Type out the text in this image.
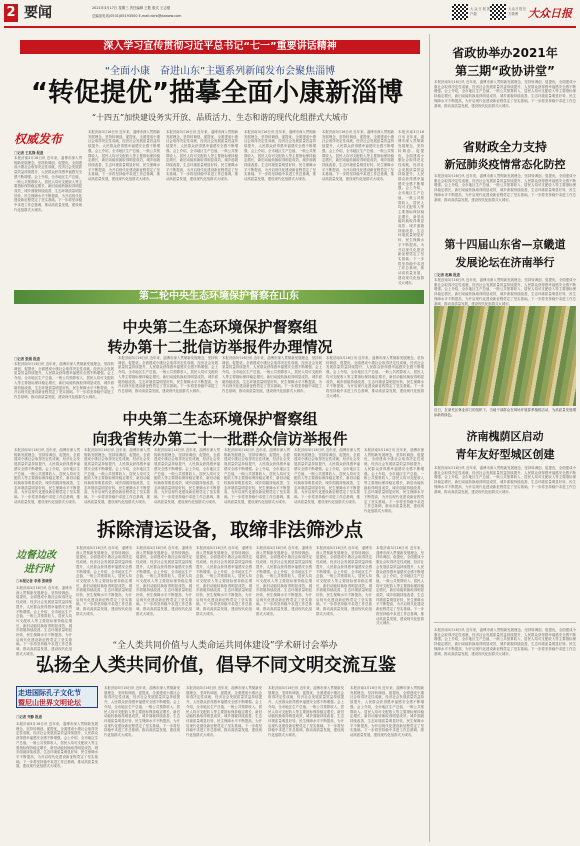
2 要闻	2021年3月17日 星期三 责任编辑 王胜 版式 王志强
总编室电话(0531)85193500 E-mail:dzrb@dzwww.com
大众日报客户端
大众日报官方微博 大众日报
深入学习宣传贯彻习近平总书记“七一”重要讲话精神
“全面小康　奋进山东”主题系列新闻发布会聚焦淄博
“转促提优”描摹全面小康新淄博
“十四五”加快建设务实开放、品质活力、生态和谐的现代化组群式大城市
权威发布
□记者 王兆锋 报道
本报济南3月16日讯 近年来，淄博市深入贯彻新发展理念，坚持转调创、促提优，全面建成小康社会取得决定性成就，经济社会发展质量效益持续提升，人民群众获得感幸福感安全感不断增强。会上介绍，全市地区生产总值、一般公共预算收入、居民人均可支配收入等主要指标保持稳定增长，新旧动能转换取得明显成效，城乡面貌持续改善，生态环境质量明显好转，民生保障水平不断提高，为开启现代化建设新征程奠定了坚实基础。下一步将坚持稳中求进工作总基调，推动高质量发展，建设现代化组群式大城市。
本报济南3月16日讯 近年来，淄博市深入贯彻新发展理念，坚持转调创、促提优，全面建成小康社会取得决定性成就，经济社会发展质量效益持续提升，人民群众获得感幸福感安全感不断增强。会上介绍，全市地区生产总值、一般公共预算收入、居民人均可支配收入等主要指标保持稳定增长，新旧动能转换取得明显成效，城乡面貌持续改善，生态环境质量明显好转，民生保障水平不断提高，为开启现代化建设新征程奠定了坚实基础。下一步将坚持稳中求进工作总基调，推动高质量发展，建设现代化组群式大城市。
本报济南3月16日讯 近年来，淄博市深入贯彻新发展理念，坚持转调创、促提优，全面建成小康社会取得决定性成就，经济社会发展质量效益持续提升，人民群众获得感幸福感安全感不断增强。会上介绍，全市地区生产总值、一般公共预算收入、居民人均可支配收入等主要指标保持稳定增长，新旧动能转换取得明显成效，城乡面貌持续改善，生态环境质量明显好转，民生保障水平不断提高，为开启现代化建设新征程奠定了坚实基础。下一步将坚持稳中求进工作总基调，推动高质量发展，建设现代化组群式大城市。
本报济南3月16日讯 近年来，淄博市深入贯彻新发展理念，坚持转调创、促提优，全面建成小康社会取得决定性成就，经济社会发展质量效益持续提升，人民群众获得感幸福感安全感不断增强。会上介绍，全市地区生产总值、一般公共预算收入、居民人均可支配收入等主要指标保持稳定增长，新旧动能转换取得明显成效，城乡面貌持续改善，生态环境质量明显好转，民生保障水平不断提高，为开启现代化建设新征程奠定了坚实基础。下一步将坚持稳中求进工作总基调，推动高质量发展，建设现代化组群式大城市。
本报济南3月16日讯 近年来，淄博市深入贯彻新发展理念，坚持转调创、促提优，全面建成小康社会取得决定性成就，经济社会发展质量效益持续提升，人民群众获得感幸福感安全感不断增强。会上介绍，全市地区生产总值、一般公共预算收入、居民人均可支配收入等主要指标保持稳定增长，新旧动能转换取得明显成效，城乡面貌持续改善，生态环境质量明显好转，民生保障水平不断提高，为开启现代化建设新征程奠定了坚实基础。下一步将坚持稳中求进工作总基调，推动高质量发展，建设现代化组群式大城市。
本报济南3月16日讯 近年来，淄博市深入贯彻新发展理念，坚持转调创、促提优，全面建成小康社会取得决定性成就，经济社会发展质量效益持续提升，人民群众获得感幸福感安全感不断增强。会上介绍，全市地区生产总值、一般公共预算收入、居民人均可支配收入等主要指标保持稳定增长，新旧动能转换取得明显成效，城乡面貌持续改善，生态环境质量明显好转，民生保障水平不断提高，为开启现代化建设新征程奠定了坚实基础。下一步将坚持稳中求进工作总基调，推动高质量发展，建设现代化组群式大城市。
第二轮中央生态环境保护督察在山东
中央第二生态环境保护督察组
转办第十二批信访举报件办理情况
□记者 张娟 报道
本报济南3月16日讯 近年来，淄博市深入贯彻新发展理念，坚持转调创、促提优，全面建成小康社会取得决定性成就，经济社会发展质量效益持续提升，人民群众获得感幸福感安全感不断增强。会上介绍，全市地区生产总值、一般公共预算收入、居民人均可支配收入等主要指标保持稳定增长，新旧动能转换取得明显成效，城乡面貌持续改善，生态环境质量明显好转，民生保障水平不断提高，为开启现代化建设新征程奠定了坚实基础。下一步将坚持稳中求进工作总基调，推动高质量发展，建设现代化组群式大城市。
本报济南3月16日讯 近年来，淄博市深入贯彻新发展理念，坚持转调创、促提优，全面建成小康社会取得决定性成就，经济社会发展质量效益持续提升，人民群众获得感幸福感安全感不断增强。会上介绍，全市地区生产总值、一般公共预算收入、居民人均可支配收入等主要指标保持稳定增长，新旧动能转换取得明显成效，城乡面貌持续改善，生态环境质量明显好转，民生保障水平不断提高，为开启现代化建设新征程奠定了坚实基础。下一步将坚持稳中求进工作总基调，推动高质量发展，建设现代化组群式大城市。
本报济南3月16日讯 近年来，淄博市深入贯彻新发展理念，坚持转调创、促提优，全面建成小康社会取得决定性成就，经济社会发展质量效益持续提升，人民群众获得感幸福感安全感不断增强。会上介绍，全市地区生产总值、一般公共预算收入、居民人均可支配收入等主要指标保持稳定增长，新旧动能转换取得明显成效，城乡面貌持续改善，生态环境质量明显好转，民生保障水平不断提高，为开启现代化建设新征程奠定了坚实基础。下一步将坚持稳中求进工作总基调，推动高质量发展，建设现代化组群式大城市。
本报济南3月16日讯 近年来，淄博市深入贯彻新发展理念，坚持转调创、促提优，全面建成小康社会取得决定性成就，经济社会发展质量效益持续提升，人民群众获得感幸福感安全感不断增强。会上介绍，全市地区生产总值、一般公共预算收入、居民人均可支配收入等主要指标保持稳定增长，新旧动能转换取得明显成效，城乡面貌持续改善，生态环境质量明显好转，民生保障水平不断提高，为开启现代化建设新征程奠定了坚实基础。下一步将坚持稳中求进工作总基调，推动高质量发展，建设现代化组群式大城市。
中央第二生态环境保护督察组
向我省转办第二十一批群众信访举报件
本报济南3月16日讯 近年来，淄博市深入贯彻新发展理念，坚持转调创、促提优，全面建成小康社会取得决定性成就，经济社会发展质量效益持续提升，人民群众获得感幸福感安全感不断增强。会上介绍，全市地区生产总值、一般公共预算收入、居民人均可支配收入等主要指标保持稳定增长，新旧动能转换取得明显成效，城乡面貌持续改善，生态环境质量明显好转，民生保障水平不断提高，为开启现代化建设新征程奠定了坚实基础。下一步将坚持稳中求进工作总基调，推动高质量发展，建设现代化组群式大城市。
本报济南3月16日讯 近年来，淄博市深入贯彻新发展理念，坚持转调创、促提优，全面建成小康社会取得决定性成就，经济社会发展质量效益持续提升，人民群众获得感幸福感安全感不断增强。会上介绍，全市地区生产总值、一般公共预算收入、居民人均可支配收入等主要指标保持稳定增长，新旧动能转换取得明显成效，城乡面貌持续改善，生态环境质量明显好转，民生保障水平不断提高，为开启现代化建设新征程奠定了坚实基础。下一步将坚持稳中求进工作总基调，推动高质量发展，建设现代化组群式大城市。
本报济南3月16日讯 近年来，淄博市深入贯彻新发展理念，坚持转调创、促提优，全面建成小康社会取得决定性成就，经济社会发展质量效益持续提升，人民群众获得感幸福感安全感不断增强。会上介绍，全市地区生产总值、一般公共预算收入、居民人均可支配收入等主要指标保持稳定增长，新旧动能转换取得明显成效，城乡面貌持续改善，生态环境质量明显好转，民生保障水平不断提高，为开启现代化建设新征程奠定了坚实基础。下一步将坚持稳中求进工作总基调，推动高质量发展，建设现代化组群式大城市。
本报济南3月16日讯 近年来，淄博市深入贯彻新发展理念，坚持转调创、促提优，全面建成小康社会取得决定性成就，经济社会发展质量效益持续提升，人民群众获得感幸福感安全感不断增强。会上介绍，全市地区生产总值、一般公共预算收入、居民人均可支配收入等主要指标保持稳定增长，新旧动能转换取得明显成效，城乡面貌持续改善，生态环境质量明显好转，民生保障水平不断提高，为开启现代化建设新征程奠定了坚实基础。下一步将坚持稳中求进工作总基调，推动高质量发展，建设现代化组群式大城市。
本报济南3月16日讯 近年来，淄博市深入贯彻新发展理念，坚持转调创、促提优，全面建成小康社会取得决定性成就，经济社会发展质量效益持续提升，人民群众获得感幸福感安全感不断增强。会上介绍，全市地区生产总值、一般公共预算收入、居民人均可支配收入等主要指标保持稳定增长，新旧动能转换取得明显成效，城乡面貌持续改善，生态环境质量明显好转，民生保障水平不断提高，为开启现代化建设新征程奠定了坚实基础。下一步将坚持稳中求进工作总基调，推动高质量发展，建设现代化组群式大城市。
本报济南3月16日讯 近年来，淄博市深入贯彻新发展理念，坚持转调创、促提优，全面建成小康社会取得决定性成就，经济社会发展质量效益持续提升，人民群众获得感幸福感安全感不断增强。会上介绍，全市地区生产总值、一般公共预算收入、居民人均可支配收入等主要指标保持稳定增长，新旧动能转换取得明显成效，城乡面貌持续改善，生态环境质量明显好转，民生保障水平不断提高，为开启现代化建设新征程奠定了坚实基础。下一步将坚持稳中求进工作总基调，推动高质量发展，建设现代化组群式大城市。
拆除清运设备，取缔非法筛沙点
边督边改
进行时
□本报记者 李勇 张晓彤
本报济南3月16日讯 近年来，淄博市深入贯彻新发展理念，坚持转调创、促提优，全面建成小康社会取得决定性成就，经济社会发展质量效益持续提升，人民群众获得感幸福感安全感不断增强。会上介绍，全市地区生产总值、一般公共预算收入、居民人均可支配收入等主要指标保持稳定增长，新旧动能转换取得明显成效，城乡面貌持续改善，生态环境质量明显好转，民生保障水平不断提高，为开启现代化建设新征程奠定了坚实基础。下一步将坚持稳中求进工作总基调，推动高质量发展，建设现代化组群式大城市。
本报济南3月16日讯 近年来，淄博市深入贯彻新发展理念，坚持转调创、促提优，全面建成小康社会取得决定性成就，经济社会发展质量效益持续提升，人民群众获得感幸福感安全感不断增强。会上介绍，全市地区生产总值、一般公共预算收入、居民人均可支配收入等主要指标保持稳定增长，新旧动能转换取得明显成效，城乡面貌持续改善，生态环境质量明显好转，民生保障水平不断提高，为开启现代化建设新征程奠定了坚实基础。下一步将坚持稳中求进工作总基调，推动高质量发展，建设现代化组群式大城市。
本报济南3月16日讯 近年来，淄博市深入贯彻新发展理念，坚持转调创、促提优，全面建成小康社会取得决定性成就，经济社会发展质量效益持续提升，人民群众获得感幸福感安全感不断增强。会上介绍，全市地区生产总值、一般公共预算收入、居民人均可支配收入等主要指标保持稳定增长，新旧动能转换取得明显成效，城乡面貌持续改善，生态环境质量明显好转，民生保障水平不断提高，为开启现代化建设新征程奠定了坚实基础。下一步将坚持稳中求进工作总基调，推动高质量发展，建设现代化组群式大城市。
本报济南3月16日讯 近年来，淄博市深入贯彻新发展理念，坚持转调创、促提优，全面建成小康社会取得决定性成就，经济社会发展质量效益持续提升，人民群众获得感幸福感安全感不断增强。会上介绍，全市地区生产总值、一般公共预算收入、居民人均可支配收入等主要指标保持稳定增长，新旧动能转换取得明显成效，城乡面貌持续改善，生态环境质量明显好转，民生保障水平不断提高，为开启现代化建设新征程奠定了坚实基础。下一步将坚持稳中求进工作总基调，推动高质量发展，建设现代化组群式大城市。
本报济南3月16日讯 近年来，淄博市深入贯彻新发展理念，坚持转调创、促提优，全面建成小康社会取得决定性成就，经济社会发展质量效益持续提升，人民群众获得感幸福感安全感不断增强。会上介绍，全市地区生产总值、一般公共预算收入、居民人均可支配收入等主要指标保持稳定增长，新旧动能转换取得明显成效，城乡面貌持续改善，生态环境质量明显好转，民生保障水平不断提高，为开启现代化建设新征程奠定了坚实基础。下一步将坚持稳中求进工作总基调，推动高质量发展，建设现代化组群式大城市。
本报济南3月16日讯 近年来，淄博市深入贯彻新发展理念，坚持转调创、促提优，全面建成小康社会取得决定性成就，经济社会发展质量效益持续提升，人民群众获得感幸福感安全感不断增强。会上介绍，全市地区生产总值、一般公共预算收入、居民人均可支配收入等主要指标保持稳定增长，新旧动能转换取得明显成效，城乡面貌持续改善，生态环境质量明显好转，民生保障水平不断提高，为开启现代化建设新征程奠定了坚实基础。下一步将坚持稳中求进工作总基调，推动高质量发展，建设现代化组群式大城市。
本报济南3月16日讯 近年来，淄博市深入贯彻新发展理念，坚持转调创、促提优，全面建成小康社会取得决定性成就，经济社会发展质量效益持续提升，人民群众获得感幸福感安全感不断增强。会上介绍，全市地区生产总值、一般公共预算收入、居民人均可支配收入等主要指标保持稳定增长，新旧动能转换取得明显成效，城乡面貌持续改善，生态环境质量明显好转，民生保障水平不断提高，为开启现代化建设新征程奠定了坚实基础。下一步将坚持稳中求进工作总基调，推动高质量发展，建设现代化组群式大城市。
“全人类共同价值与人类命运共同体建设”学术研讨会举办
弘扬全人类共同价值，倡导不同文明交流互鉴
走进国际孔子文化节
暨尼山世界文明论坛
□记者 齐静 报道
本报济南3月16日讯 近年来，淄博市深入贯彻新发展理念，坚持转调创、促提优，全面建成小康社会取得决定性成就，经济社会发展质量效益持续提升，人民群众获得感幸福感安全感不断增强。会上介绍，全市地区生产总值、一般公共预算收入、居民人均可支配收入等主要指标保持稳定增长，新旧动能转换取得明显成效，城乡面貌持续改善，生态环境质量明显好转，民生保障水平不断提高，为开启现代化建设新征程奠定了坚实基础。下一步将坚持稳中求进工作总基调，推动高质量发展，建设现代化组群式大城市。
本报济南3月16日讯 近年来，淄博市深入贯彻新发展理念，坚持转调创、促提优，全面建成小康社会取得决定性成就，经济社会发展质量效益持续提升，人民群众获得感幸福感安全感不断增强。会上介绍，全市地区生产总值、一般公共预算收入、居民人均可支配收入等主要指标保持稳定增长，新旧动能转换取得明显成效，城乡面貌持续改善，生态环境质量明显好转，民生保障水平不断提高，为开启现代化建设新征程奠定了坚实基础。下一步将坚持稳中求进工作总基调，推动高质量发展，建设现代化组群式大城市。
本报济南3月16日讯 近年来，淄博市深入贯彻新发展理念，坚持转调创、促提优，全面建成小康社会取得决定性成就，经济社会发展质量效益持续提升，人民群众获得感幸福感安全感不断增强。会上介绍，全市地区生产总值、一般公共预算收入、居民人均可支配收入等主要指标保持稳定增长，新旧动能转换取得明显成效，城乡面貌持续改善，生态环境质量明显好转，民生保障水平不断提高，为开启现代化建设新征程奠定了坚实基础。下一步将坚持稳中求进工作总基调，推动高质量发展，建设现代化组群式大城市。
本报济南3月16日讯 近年来，淄博市深入贯彻新发展理念，坚持转调创、促提优，全面建成小康社会取得决定性成就，经济社会发展质量效益持续提升，人民群众获得感幸福感安全感不断增强。会上介绍，全市地区生产总值、一般公共预算收入、居民人均可支配收入等主要指标保持稳定增长，新旧动能转换取得明显成效，城乡面貌持续改善，生态环境质量明显好转，民生保障水平不断提高，为开启现代化建设新征程奠定了坚实基础。下一步将坚持稳中求进工作总基调，推动高质量发展，建设现代化组群式大城市。
本报济南3月16日讯 近年来，淄博市深入贯彻新发展理念，坚持转调创、促提优，全面建成小康社会取得决定性成就，经济社会发展质量效益持续提升，人民群众获得感幸福感安全感不断增强。会上介绍，全市地区生产总值、一般公共预算收入、居民人均可支配收入等主要指标保持稳定增长，新旧动能转换取得明显成效，城乡面貌持续改善，生态环境质量明显好转，民生保障水平不断提高，为开启现代化建设新征程奠定了坚实基础。下一步将坚持稳中求进工作总基调，推动高质量发展，建设现代化组群式大城市。
省政协举办2021年
第三期“政协讲堂”
本报济南3月16日讯 近年来，淄博市深入贯彻新发展理念，坚持转调创、促提优，全面建成小康社会取得决定性成就，经济社会发展质量效益持续提升，人民群众获得感幸福感安全感不断增强。会上介绍，全市地区生产总值、一般公共预算收入、居民人均可支配收入等主要指标保持稳定增长，新旧动能转换取得明显成效，城乡面貌持续改善，生态环境质量明显好转，民生保障水平不断提高，为开启现代化建设新征程奠定了坚实基础。下一步将坚持稳中求进工作总基调，推动高质量发展，建设现代化组群式大城市。
省财政全力支持
新冠肺炎疫情常态化防控
本报济南3月16日讯 近年来，淄博市深入贯彻新发展理念，坚持转调创、促提优，全面建成小康社会取得决定性成就，经济社会发展质量效益持续提升，人民群众获得感幸福感安全感不断增强。会上介绍，全市地区生产总值、一般公共预算收入、居民人均可支配收入等主要指标保持稳定增长，新旧动能转换取得明显成效，城乡面貌持续改善，生态环境质量明显好转，民生保障水平不断提高，为开启现代化建设新征程奠定了坚实基础。下一步将坚持稳中求进工作总基调，推动高质量发展，建设现代化组群式大城市。
第十四届山东省—京畿道
发展论坛在济南举行
□记者 赵琳 报道
本报济南3月16日讯 近年来，淄博市深入贯彻新发展理念，坚持转调创、促提优，全面建成小康社会取得决定性成就，经济社会发展质量效益持续提升，人民群众获得感幸福感安全感不断增强。会上介绍，全市地区生产总值、一般公共预算收入、居民人均可支配收入等主要指标保持稳定增长，新旧动能转换取得明显成效，城乡面貌持续改善，生态环境质量明显好转，民生保障水平不断提高，为开启现代化建设新征程奠定了坚实基础。下一步将坚持稳中求进工作总基调，推动高质量发展，建设现代化组群式大城市。
近日，在莱芜区林业部门的组织下，当地干部群众在林场开展春季植树活动，为高质量发展增添新的绿色。
济南槐荫区启动
青年友好型城区创建
本报济南3月16日讯 近年来，淄博市深入贯彻新发展理念，坚持转调创、促提优，全面建成小康社会取得决定性成就，经济社会发展质量效益持续提升，人民群众获得感幸福感安全感不断增强。会上介绍，全市地区生产总值、一般公共预算收入、居民人均可支配收入等主要指标保持稳定增长，新旧动能转换取得明显成效，城乡面貌持续改善，生态环境质量明显好转，民生保障水平不断提高，为开启现代化建设新征程奠定了坚实基础。下一步将坚持稳中求进工作总基调，推动高质量发展，建设现代化组群式大城市。
本报济南3月16日讯 近年来，淄博市深入贯彻新发展理念，坚持转调创、促提优，全面建成小康社会取得决定性成就，经济社会发展质量效益持续提升，人民群众获得感幸福感安全感不断增强。会上介绍，全市地区生产总值、一般公共预算收入、居民人均可支配收入等主要指标保持稳定增长，新旧动能转换取得明显成效，城乡面貌持续改善，生态环境质量明显好转，民生保障水平不断提高，为开启现代化建设新征程奠定了坚实基础。下一步将坚持稳中求进工作总基调，推动高质量发展，建设现代化组群式大城市。
